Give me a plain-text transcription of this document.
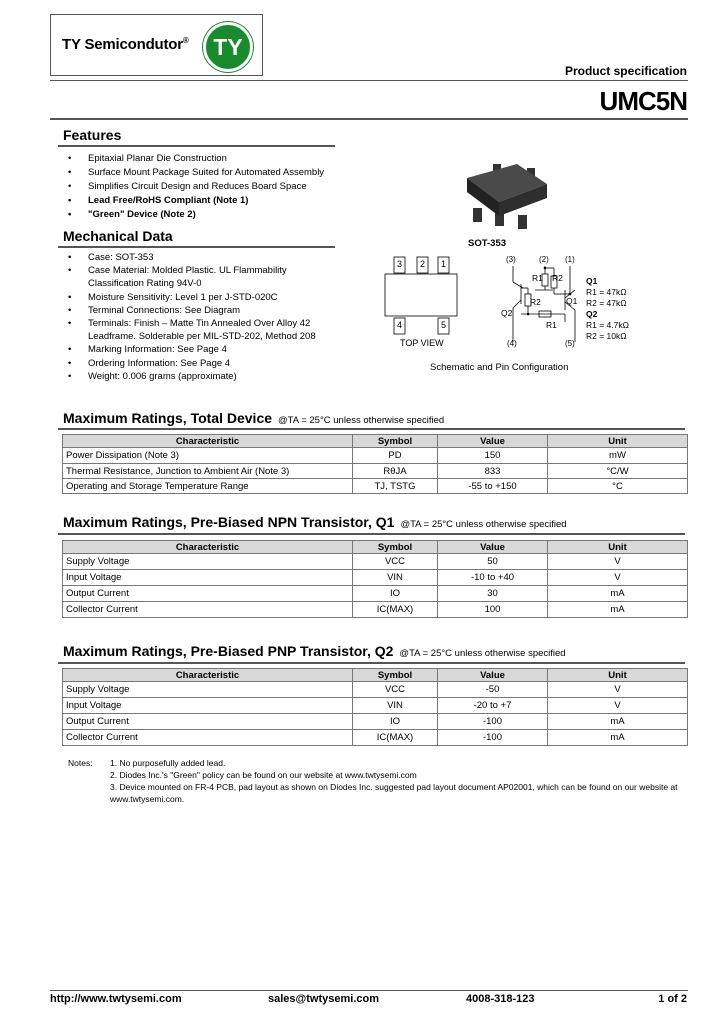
TY Semicondutor®	TY
Product specification
UMC5N
Features
• Epitaxial Planar Die Construction
• Surface Mount Package Suited for Automated Assembly
• Simplifies Circuit Design and Reduces Board Space
• Lead Free/RoHS Compliant (Note 1)
• "Green" Device (Note 2)
Mechanical Data
• Case: SOT-353
• Case Material: Molded Plastic. UL Flammability Classification Rating 94V-0
• Moisture Sensitivity: Level 1 per J-STD-020C
• Terminal Connections: See Diagram
• Terminals: Finish – Matte Tin Annealed Over Alloy 42 Leadframe. Solderable per MIL-STD-202, Method 208
• Marking Information: See Page 4
• Ordering Information: See Page 4
• Weight: 0.006 grams (approximate)
SOT-353
3 2 1
4	5
TOP VIEW
(3)	(2) (1)
(4)	(5)
R1 R2
R2
R1
Q1
Q2
Q1
R1 = 47kΩ
R2 = 47kΩ
Q2
R1 = 4.7kΩ
R2 = 10kΩ
Schematic and Pin Configuration
Maximum Ratings, Total Device @TA = 25°C unless otherwise specified
Characteristic	Symbol	Value	Unit
Power Dissipation (Note 3)	PD	150	mW
Thermal Resistance, Junction to Ambient Air (Note 3)	RθJA	833	°C/W
Operating and Storage Temperature Range	TJ, TSTG	-55 to +150	°C
Maximum Ratings, Pre-Biased NPN Transistor, Q1 @TA = 25°C unless otherwise specified
Characteristic	Symbol	Value	Unit
Supply Voltage	VCC	50	V
Input Voltage	VIN	-10 to +40	V
Output Current	IO	30	mA
Collector Current	IC(MAX)	100	mA
Maximum Ratings, Pre-Biased PNP Transistor, Q2 @TA = 25°C unless otherwise specified
Characteristic	Symbol	Value	Unit
Supply Voltage	VCC	-50	V
Input Voltage	VIN	-20 to +7	V
Output Current	IO	-100	mA
Collector Current	IC(MAX)	-100	mA
Notes: 1. No purposefully added lead.
2. Diodes Inc.'s "Green" policy can be found on our website at www.twtysemi.com
3. Device mounted on FR-4 PCB, pad layout as shown on Diodes Inc. suggested pad layout document AP02001, which can be found on our website at www.twtysemi.com.
http://www.twtysemi.com	sales@twtysemi.com	4008-318-123	1 of 2
